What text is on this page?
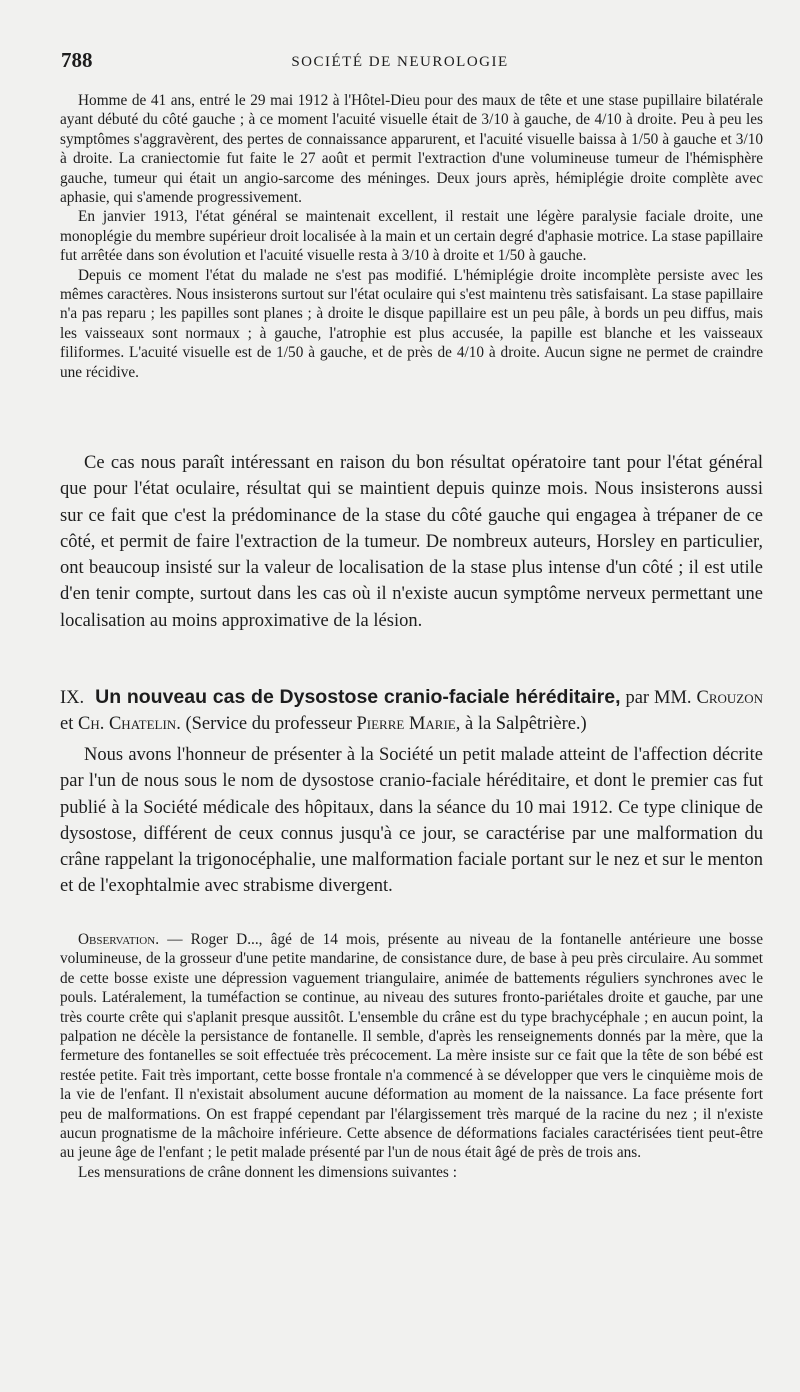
788	SOCIÉTÉ DE NEUROLOGIE

Homme de 41 ans, entré le 29 mai 1912 à l'Hôtel-Dieu pour des maux de tête et une stase pupillaire bilatérale ayant débuté du côté gauche ; à ce moment l'acuité visuelle était de 3/10 à gauche, de 4/10 à droite. Peu à peu les symptômes s'aggravèrent, des pertes de connaissance apparurent, et l'acuité visuelle baissa à 1/50 à gauche et 3/10 à droite. La craniectomie fut faite le 27 août et permit l'extraction d'une volumineuse tumeur de l'hémisphère gauche, tumeur qui était un angio-sarcome des méninges. Deux jours après, hémiplégie droite complète avec aphasie, qui s'amende progressivement.

En janvier 1913, l'état général se maintenait excellent, il restait une légère paralysie faciale droite, une monoplégie du membre supérieur droit localisée à la main et un certain degré d'aphasie motrice. La stase papillaire fut arrêtée dans son évolution et l'acuité visuelle resta à 3/10 à droite et 1/50 à gauche.

Depuis ce moment l'état du malade ne s'est pas modifié. L'hémiplégie droite incomplète persiste avec les mêmes caractères. Nous insisterons surtout sur l'état oculaire qui s'est maintenu très satisfaisant. La stase papillaire n'a pas reparu ; les papilles sont planes ; à droite le disque papillaire est un peu pâle, à bords un peu diffus, mais les vaisseaux sont normaux ; à gauche, l'atrophie est plus accusée, la papille est blanche et les vaisseaux filiformes. L'acuité visuelle est de 1/50 à gauche, et de près de 4/10 à droite. Aucun signe ne permet de craindre une récidive.

Ce cas nous paraît intéressant en raison du bon résultat opératoire tant pour l'état général que pour l'état oculaire, résultat qui se maintient depuis quinze mois. Nous insisterons aussi sur ce fait que c'est la prédominance de la stase du côté gauche qui engagea à trépaner de ce côté, et permit de faire l'extraction de la tumeur. De nombreux auteurs, Horsley en particulier, ont beaucoup insisté sur la valeur de localisation de la stase plus intense d'un côté ; il est utile d'en tenir compte, surtout dans les cas où il n'existe aucun symptôme nerveux permettant une localisation au moins approximative de la lésion.

IX. Un nouveau cas de Dysostose cranio-faciale héréditaire, par MM. Crouzon et Ch. Chatelin. (Service du professeur Pierre Marie, à la Salpêtrière.)

Nous avons l'honneur de présenter à la Société un petit malade atteint de l'affection décrite par l'un de nous sous le nom de dysostose cranio-faciale héréditaire, et dont le premier cas fut publié à la Société médicale des hôpitaux, dans la séance du 10 mai 1912. Ce type clinique de dysostose, différent de ceux connus jusqu'à ce jour, se caractérise par une malformation du crâne rappelant la trigonocéphalie, une malformation faciale portant sur le nez et sur le menton et de l'exophtalmie avec strabisme divergent.

Observation. — Roger D..., âgé de 14 mois, présente au niveau de la fontanelle antérieure une bosse volumineuse, de la grosseur d'une petite mandarine, de consistance dure, de base à peu près circulaire. Au sommet de cette bosse existe une dépression vaguement triangulaire, animée de battements réguliers synchrones avec le pouls. Latéralement, la tuméfaction se continue, au niveau des sutures fronto-pariétales droite et gauche, par une très courte crête qui s'aplanit presque aussitôt. L'ensemble du crâne est du type brachycéphale ; en aucun point, la palpation ne décèle la persistance de fontanelle. Il semble, d'après les renseignements donnés par la mère, que la fermeture des fontanelles se soit effectuée très précocement. La mère insiste sur ce fait que la tête de son bébé est restée petite. Fait très important, cette bosse frontale n'a commencé à se développer que vers le cinquième mois de la vie de l'enfant. Il n'existait absolument aucune déformation au moment de la naissance. La face présente fort peu de malformations. On est frappé cependant par l'élargissement très marqué de la racine du nez ; il n'existe aucun prognatisme de la mâchoire inférieure. Cette absence de déformations faciales caractérisées tient peut-être au jeune âge de l'enfant ; le petit malade présenté par l'un de nous était âgé de près de trois ans.

Les mensurations de crâne donnent les dimensions suivantes :
